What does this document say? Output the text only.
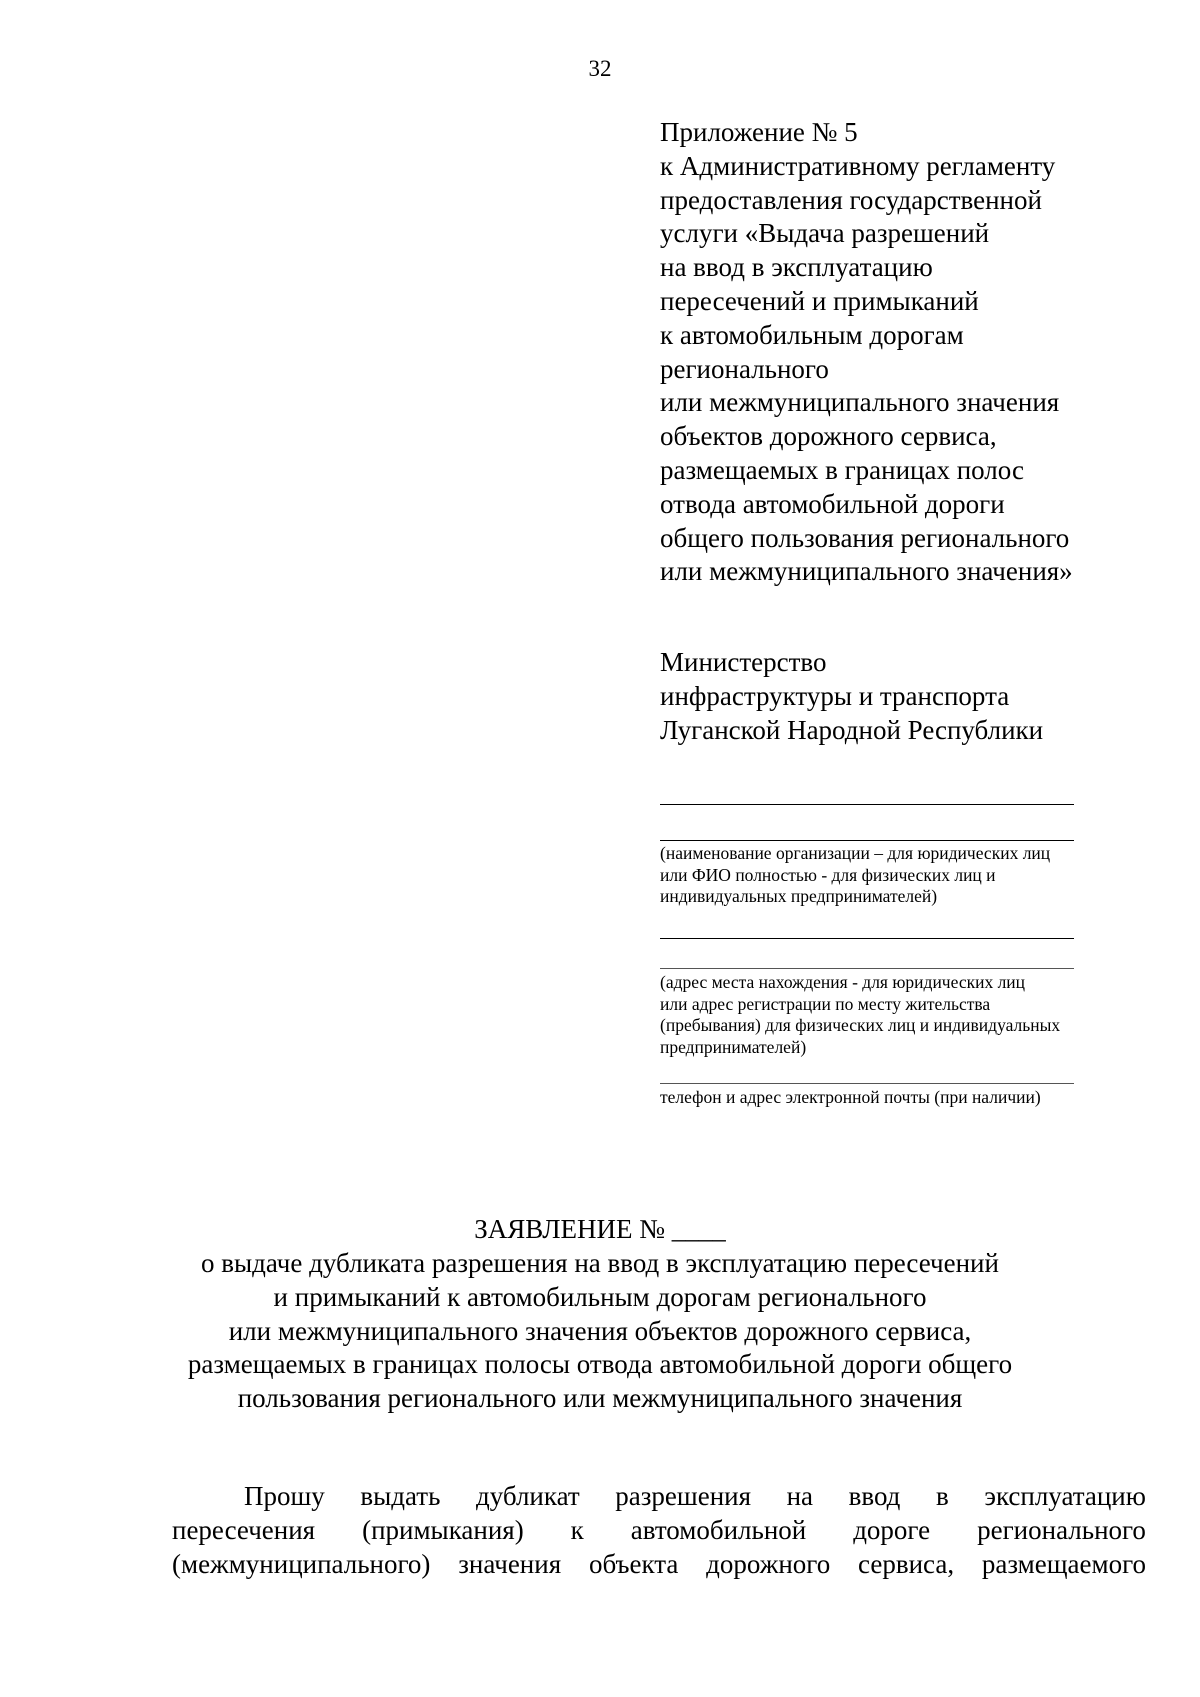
32
Приложение № 5
к Административному регламенту
предоставления государственной
услуги «Выдача разрешений
на ввод в эксплуатацию
пересечений и примыканий
к автомобильным дорогам
регионального
или межмуниципального значения
объектов дорожного сервиса,
размещаемых в границах полос
отвода автомобильной дороги
общего пользования регионального
или межмуниципального значения»
Министерство
инфраструктуры и транспорта
Луганской Народной Республики
(наименование организации – для юридических лиц
или ФИО полностью - для физических лиц и
индивидуальных предпринимателей)
(адрес места нахождения - для юридических лиц
или адрес регистрации по месту жительства
(пребывания) для физических лиц и индивидуальных
предпринимателей)
телефон и адрес электронной почты (при наличии)
ЗАЯВЛЕНИЕ № ____
о выдаче дубликата разрешения на ввод в эксплуатацию пересечений
и примыканий к автомобильным дорогам регионального
или межмуниципального значения объектов дорожного сервиса,
размещаемых в границах полосы отвода автомобильной дороги общего
пользования регионального или межмуниципального значения
Прошу выдать дубликат разрешения на ввод в эксплуатацию
пересечения (примыкания) к автомобильной дороге регионального
(межмуниципального) значения объекта дорожного сервиса, размещаемого
